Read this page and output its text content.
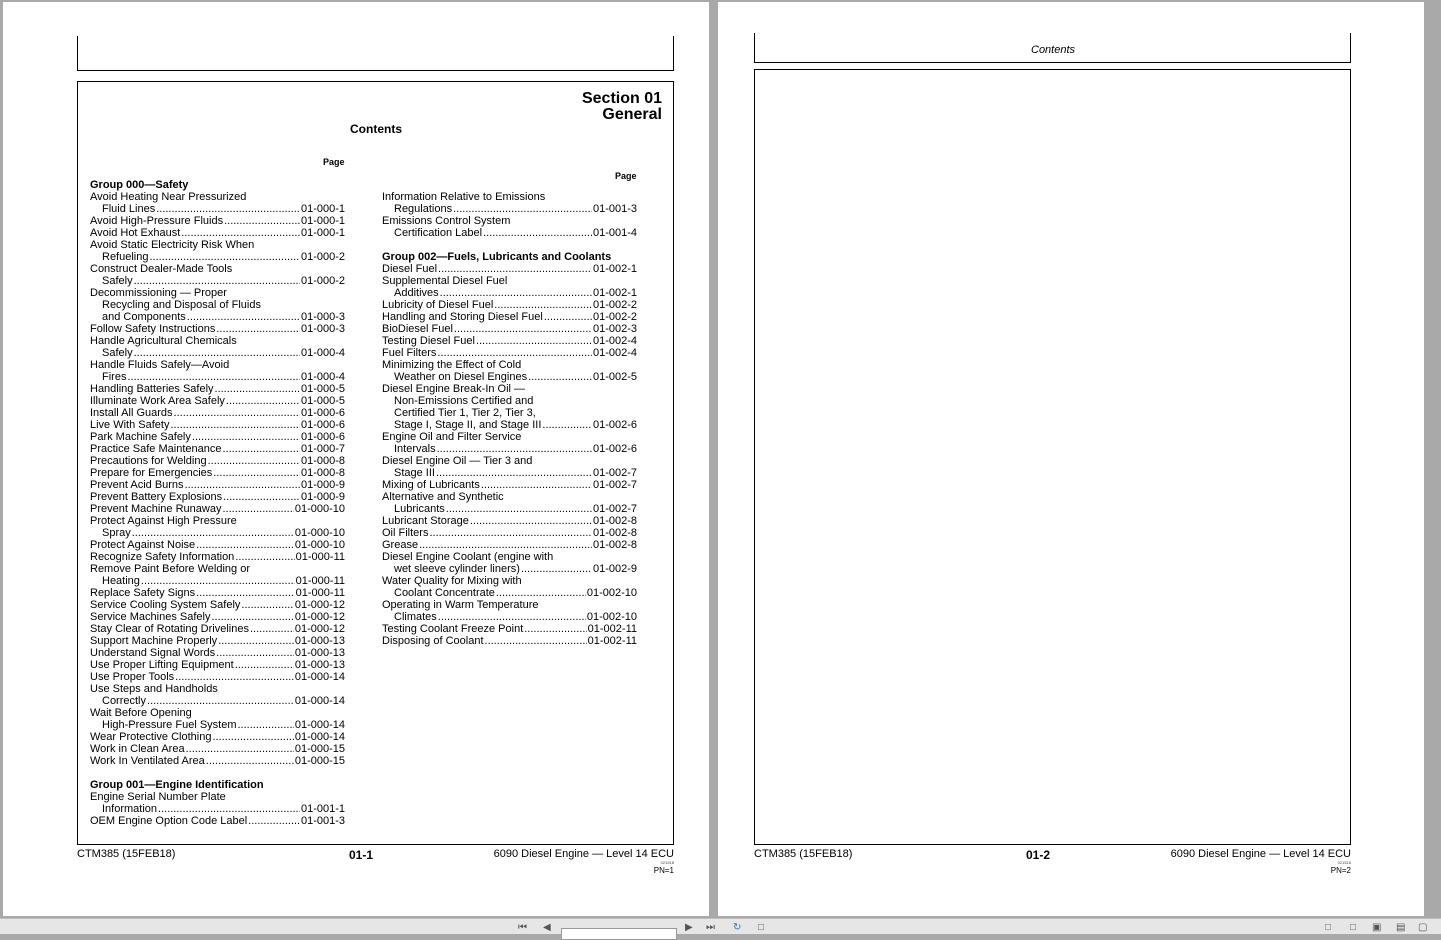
Section 01
General
Contents
Page
Page
Group 000—Safety
Avoid Heating Near Pressurized
Fluid Lines .....	01-000-1
Avoid High-Pressure Fluids .....	01-000-1
Avoid Hot Exhaust .....	01-000-1
Avoid Static Electricity Risk When
Refueling .....	01-000-2
Construct Dealer-Made Tools
Safely .....	01-000-2
Decommissioning — Proper
Recycling and Disposal of Fluids
and Components .....	01-000-3
Follow Safety Instructions .....	01-000-3
Handle Agricultural Chemicals
Safely .....	01-000-4
Handle Fluids Safely—Avoid
Fires .....	01-000-4
Handling Batteries Safely .....	01-000-5
Illuminate Work Area Safely .....	01-000-5
Install All Guards .....	01-000-6
Live With Safety .....	01-000-6
Park Machine Safely .....	01-000-6
Practice Safe Maintenance .....	01-000-7
Precautions for Welding .....	01-000-8
Prepare for Emergencies .....	01-000-8
Prevent Acid Burns .....	01-000-9
Prevent Battery Explosions .....	01-000-9
Prevent Machine Runaway .....	01-000-10
Protect Against High Pressure
Spray .....	01-000-10
Protect Against Noise .....	01-000-10
Recognize Safety Information .....	01-000-11
Remove Paint Before Welding or
Heating .....	01-000-11
Replace Safety Signs .....	01-000-11
Service Cooling System Safely .....	01-000-12
Service Machines Safely .....	01-000-12
Stay Clear of Rotating Drivelines .....	01-000-12
Support Machine Properly .....	01-000-13
Understand Signal Words .....	01-000-13
Use Proper Lifting Equipment .....	01-000-13
Use Proper Tools .....	01-000-14
Use Steps and Handholds
Correctly .....	01-000-14
Wait Before Opening
High-Pressure Fuel System .....	01-000-14
Wear Protective Clothing .....	01-000-14
Work in Clean Area .....	01-000-15
Work In Ventilated Area .....	01-000-15
Group 001—Engine Identification
Engine Serial Number Plate
Information .....	01-001-1
OEM Engine Option Code Label .....	01-001-3
Information Relative to Emissions
Regulations .....	01-001-3
Emissions Control System
Certification Label .....	01-001-4
Group 002—Fuels, Lubricants and Coolants
Diesel Fuel .....	01-002-1
Supplemental Diesel Fuel
Additives .....	01-002-1
Lubricity of Diesel Fuel .....	01-002-2
Handling and Storing Diesel Fuel .....	01-002-2
BioDiesel Fuel .....	01-002-3
Testing Diesel Fuel .....	01-002-4
Fuel Filters .....	01-002-4
Minimizing the Effect of Cold
Weather on Diesel Engines .....	01-002-5
Diesel Engine Break-In Oil —
Non-Emissions Certified and
Certified Tier 1, Tier 2, Tier 3,
Stage I, Stage II, and Stage III .....	01-002-6
Engine Oil and Filter Service
Intervals .....	01-002-6
Diesel Engine Oil — Tier 3 and
Stage III .....	01-002-7
Mixing of Lubricants .....	01-002-7
Alternative and Synthetic
Lubricants .....	01-002-7
Lubricant Storage .....	01-002-8
Oil Filters .....	01-002-8
Grease .....	01-002-8
Diesel Engine Coolant (engine with
wet sleeve cylinder liners) .....	01-002-9
Water Quality for Mixing with
Coolant Concentrate .....	01-002-10
Operating in Warm Temperature
Climates .....	01-002-10
Testing Coolant Freeze Point .....	01-002-11
Disposing of Coolant .....	01-002-11
CTM385 (15FEB18)	01-1	6090 Diesel Engine — Level 14 ECU
021518
PN=1
Contents
CTM385 (15FEB18)	01-2	6090 Diesel Engine — Level 14 ECU
021518
PN=2
⏮ ◀	▶ ⏭ ↻ □	□ □ ▣ ▤ ▢
